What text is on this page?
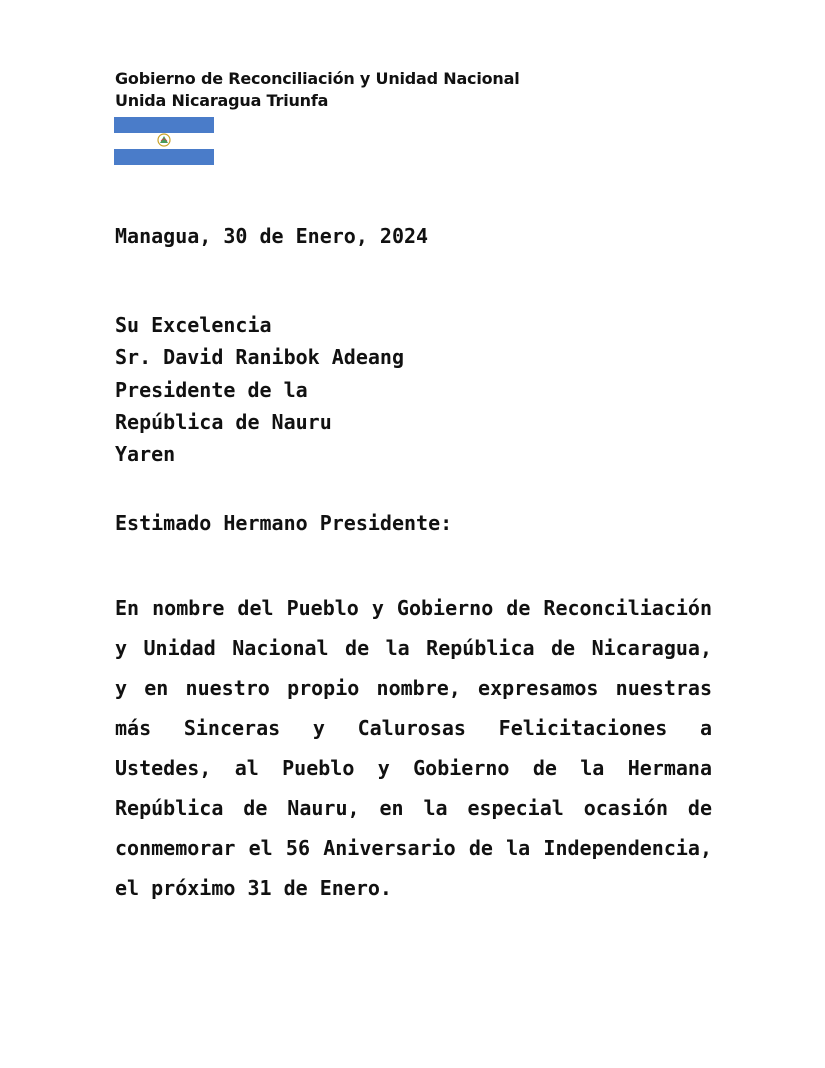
Gobierno de Reconciliación y Unidad Nacional
Unida Nicaragua Triunfa
Managua, 30 de Enero, 2024
Su Excelencia
Sr. David Ranibok Adeang
Presidente de la
República de Nauru
Yaren
Estimado Hermano Presidente:
En nombre del Pueblo y Gobierno de Reconciliación
y Unidad Nacional de la República de Nicaragua,
y en nuestro propio nombre, expresamos nuestras
más Sinceras y Calurosas Felicitaciones a
Ustedes, al Pueblo y Gobierno de la Hermana
República de Nauru, en la especial ocasión de
conmemorar el 56 Aniversario de la Independencia,
el próximo 31 de Enero.
